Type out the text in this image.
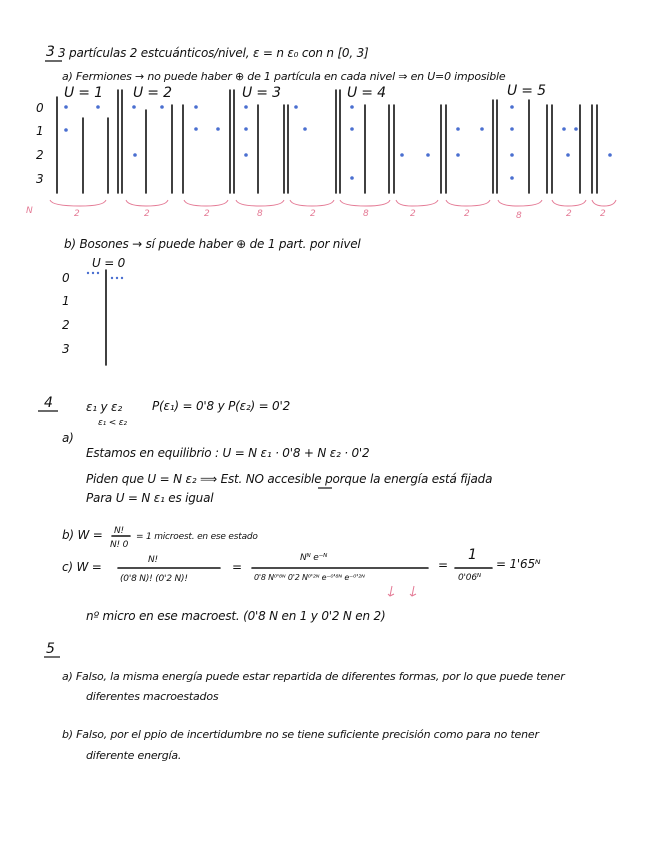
3 3 partículas 2 estcuánticos/nivel, ε = n ε₀ con n [0, 3]
a) Fermiones → no puede haber ⊕ de 1 partícula en cada nivel ⇒ en U=0 imposible
U = 1 U = 2	U = 3	U = 4	U = 5
0
1
2
3
N	2	2	2	8	2	8	2	2	8	2	2
b) Bosones → sí puede haber ⊕ de 1 part. por nivel
U = 0
0
1
2
3
4	ε₁ y ε₂	P(ε₁) = 0'8 y P(ε₂) = 0'2
ε₁ < ε₂
a)
Estamos en equilibrio : U = N ε₁ · 0'8 + N ε₂ · 0'2
Piden que U = N ε₂ ⟹ Est. NO accesible porque la energía está fijada
Para U = N ε₁ es igual
b) W = N!
N! 0
= 1 microest. en ese estado
c) W =	N!
(0'8 N)! (0'2 N)!
=
Nᴺ e⁻ᴺ
0'8 N⁰'⁸ᴺ 0'2 N⁰'²ᴺ e⁻⁰'⁸ᴺ e⁻⁰'²ᴺ
=
1
0'06ᴺ
= 1'65ᴺ
nº micro en ese macroest. (0'8 N en 1 y 0'2 N en 2)
5
a) Falso, la misma energía puede estar repartida de diferentes formas, por lo que puede tener
diferentes macroestados
b) Falso, por el ppio de incertidumbre no se tiene suficiente precisión como para no tener
diferente energía.
